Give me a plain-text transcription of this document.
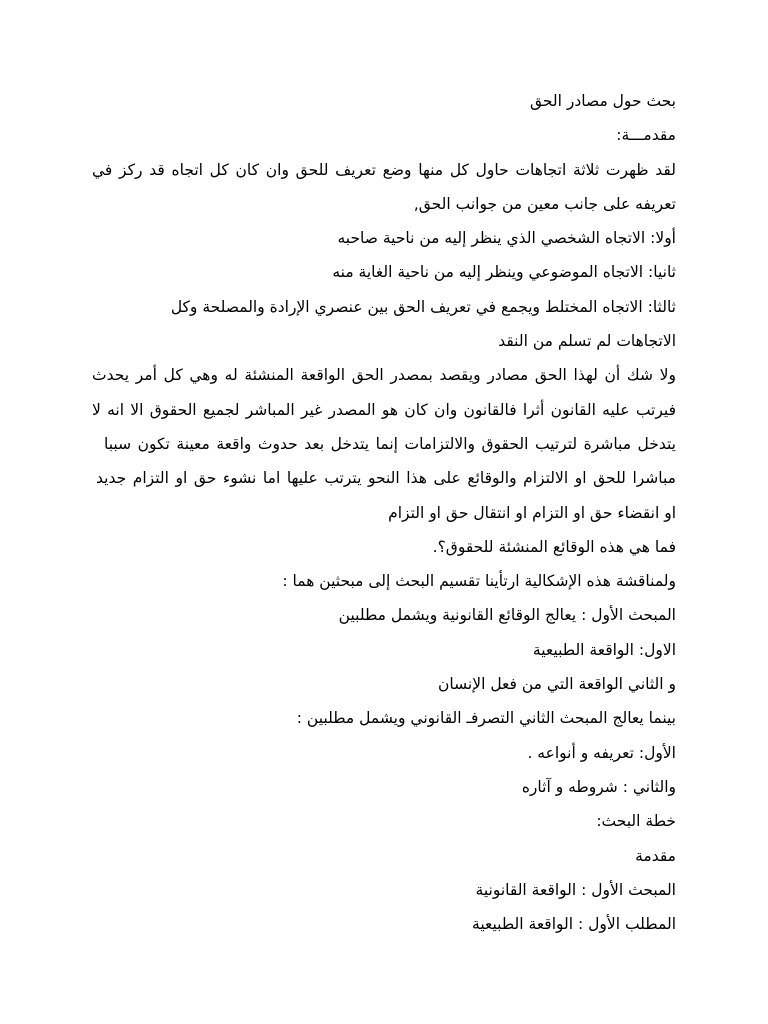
بحث حول مصادر الحق
مقدمـــة:
لقد ظهرت ثلاثة اتجاهات حاول كل منها وضع تعريف للحق وان كان كل اتجاه قد ركز في
تعريفه على جانب معين من جوانب الحق,
أولا: الاتجاه الشخصي الذي ينظر إليه من ناحية صاحبه
ثانيا: الاتجاه الموضوعي وينظر إليه من ناحية الغاية منه
ثالثا: الاتجاه المختلط ويجمع في تعريف الحق بين عنصري الإرادة والمصلحة وكل
الاتجاهات لم تسلم من النقد
ولا شك أن لهذا الحق مصادر ويقصد بمصدر الحق الواقعة المنشئة له وهي كل أمر يحدث
فيرتب عليه القانون أثرا فالقانون وان كان هو المصدر غير المباشر لجميع الحقوق الا انه لا
يتدخل مباشرة لترتيب الحقوق والالتزامات إنما يتدخل بعد حدوث واقعة معينة تكون سببا
مباشرا للحق او الالتزام والوقائع على هذا النحو يترتب عليها اما نشوء حق او التزام جديد
او انقضاء حق او التزام او انتقال حق او التزام
فما هي هذه الوقائع المنشئة للحقوق؟.
ولمناقشة هذه الإشكالية ارتأينا تقسيم البحث إلى مبحثين هما :
المبحث الأول : يعالج الوقائع القانونية ويشمل مطلبين
الاول: الواقعة الطبيعية
و الثاني الواقعة التي من فعل الإنسان
بينما يعالج المبحث الثاني التصرفـ القانوني ويشمل مطلبين :
الأول: تعريفه و أنواعه .
والثاني : شروطه و آثاره
خطة البحث:
مقدمة
المبحث الأول : الواقعة القانونية
المطلب الأول : الواقعة الطبيعية
